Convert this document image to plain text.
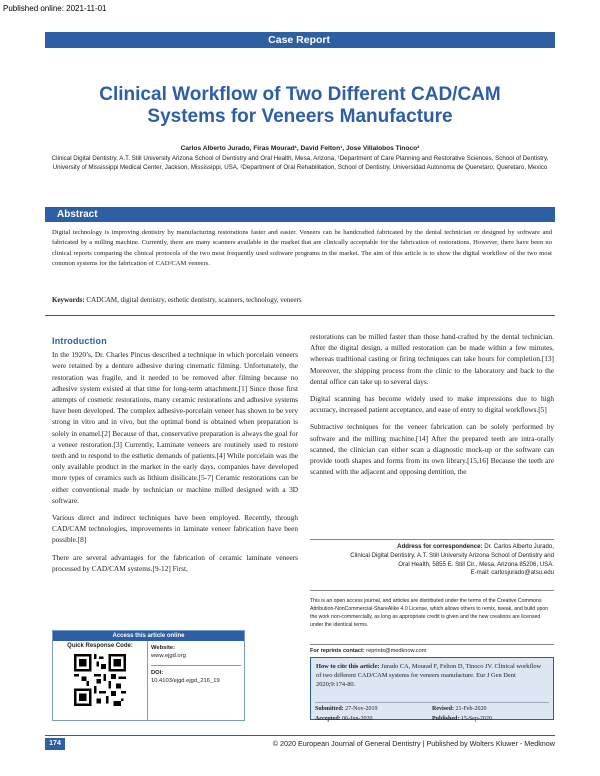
Published online: 2021-11-01
Case Report
Clinical Workflow of Two Different CAD/CAM Systems for Veneers Manufacture
Carlos Alberto Jurado, Firas Mourad¹, David Felton¹, Jose Villalobos Tinoco²
Clinical Digital Dentistry, A.T. Still University Arizona School of Dentistry and Oral Health, Mesa, Arizona, ¹Department of Care Planning and Restorative Sciences, School of Dentistry, University of Mississippi Medical Center, Jackson, Mississippi, USA, ²Department of Oral Rehabilitation, School of Dentistry, Universidad Autonoma de Queretaro, Queretaro, Mexico
Abstract
Digital technology is improving dentistry by manufacturing restorations faster and easier. Veneers can be handcrafted fabricated by the dental technician or designed by software and fabricated by a milling machine. Currently, there are many scanners available in the market that are clinically acceptable for the fabrication of restorations. However, there have been no clinical reports comparing the clinical protocols of the two most frequently used software programs in the market. The aim of this article is to show the digital workflow of the two most common systems for the fabrication of CAD/CAM veneers.
Keywords: CADCAM, digital dentistry, esthetic dentistry, scanners, technology, veneers
Introduction

In the 1920’s, Dr. Charles Pincus described a technique in which porcelain veneers were retained by a denture adhesive during cinematic filming. Unfortunately, the restoration was fragile, and it needed to be removed after filming because no adhesive system existed at that time for long-term attachment.[1] Since those first attempts of cosmetic restorations, many ceramic restorations and adhesive systems have been developed. The complex adhesive-porcelain veneer has shown to be very strong in vitro and in vivo, but the optimal bond is obtained when preparation is solely in enamel.[2] Because of that, conservative preparation is always the goal for a veneer restoration.[3] Currently, Laminate veneers are routinely used to restore teeth and to respond to the esthetic demands of patients.[4] While porcelain was the only available product in the market in the early days, companies have developed more types of ceramics such as lithium disilicate.[5-7] Ceramic restorations can be either conventional made by technician or machine milled designed with a 3D software.

Various direct and indirect techniques have been employed. Recently, through CAD/CAM technologies, improvements in laminate veneer fabrication have been possible.[8]

There are several advantages for the fabrication of ceramic laminate veneers processed by CAD/CAM systems.[9-12] First,

restorations can be milled faster than those hand-crafted by the dental technician. After the digital design, a milled restoration can be made within a few minutes, whereas traditional casting or firing techniques can take hours for completion.[13] Moreover, the shipping process from the clinic to the laboratory and back to the dental office can take up to several days.

Digital scanning has become widely used to make impressions due to high accuracy, increased patient acceptance, and ease of entry to digital workflows.[5]

Subtractive techniques for the veneer fabrication can be solely performed by software and the milling machine.[14] After the prepared teeth are intra-orally scanned, the clinician can either scan a diagnostic mock-up or the software can provide tooth shapes and forms from its own library.[15,16] Because the teeth are scanned with the adjacent and opposing dentition, the

Address for correspondence: Dr. Carlos Alberto Jurado,
Clinical Digital Dentistry, A.T. Still University Arizona School of Dentistry and
Oral Health, 5855 E. Still Cir., Mesa, Arizona 85206, USA.
E-mail: carlosjurado@atsu.edu
This is an open access journal, and articles are distributed under the terms of the Creative Commons Attribution-NonCommercial-ShareAlike 4.0 License, which allows others to remix, tweak, and build upon the work non-commercially, as long as appropriate credit is given and the new creations are licensed under the identical terms.
For reprints contact: reprints@medknow.com
How to cite this article: Jurado CA, Mourad F, Felton D, Tinoco JV. Clinical workflow of two different CAD/CAM systems for veneers manufacture. Eur J Gen Dent 2020;9:174-80.
Submitted: 27-Nov-2019	Revised: 21-Feb-2020
Accepted: 06-Jun-2020	Published: 15-Sep-2020
Access this article online
Quick Response Code:	Website:
www.ejgd.org
DOI:
10.4103/ejgd.ejgd_216_19
174	© 2020 European Journal of General Dentistry | Published by Wolters Kluwer - Medknow
